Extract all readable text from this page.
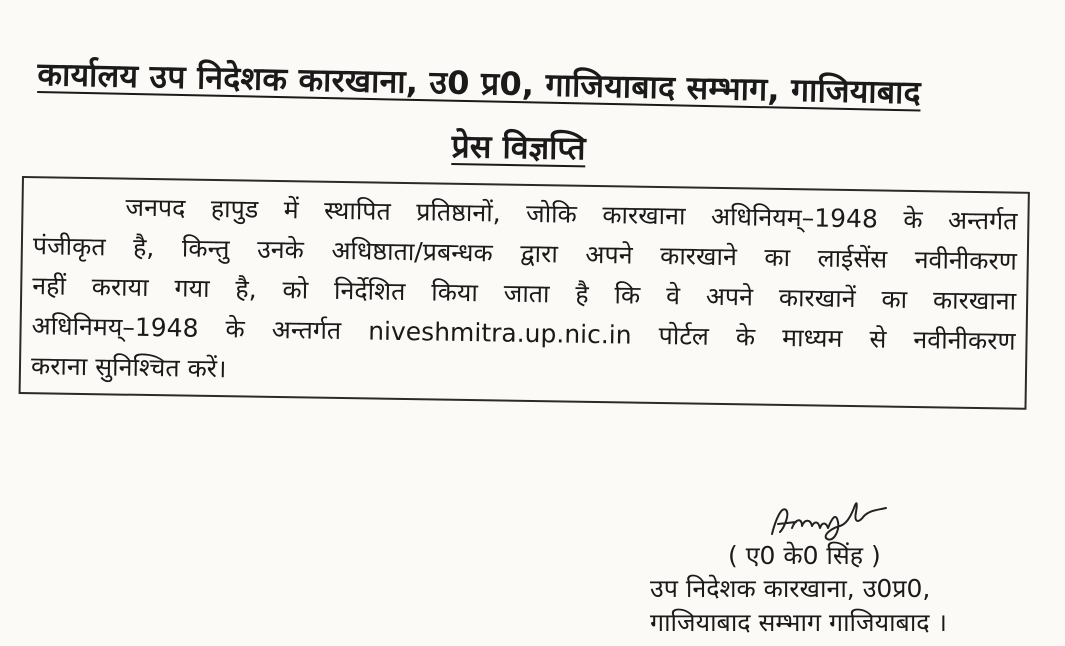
कार्यालय उप निदेशक कारखाना, उ0 प्र0, गाजियाबाद सम्भाग, गाजियाबाद
प्रेस विज्ञप्ति
जनपद हापुड में स्थापित प्रतिष्ठानों, जोकि कारखाना अधिनियम्–1948 के अन्तर्गत
पंजीकृत है, किन्तु उनके अधिष्ठाता/प्रबन्धक द्वारा अपने कारखाने का लाईसेंस नवीनीकरण
नहीं कराया गया है, को निर्देशित किया जाता है कि वे अपने कारखानें का कारखाना
अधिनिमय्–1948 के अन्तर्गत niveshmitra.up.nic.in पोर्टल के माध्यम से नवीनीकरण
कराना सुनिश्चित करें।
( ए0 के0 सिंह )
उप निदेशक कारखाना, उ0प्र0,
गाजियाबाद सम्भाग गाजियाबाद ।
